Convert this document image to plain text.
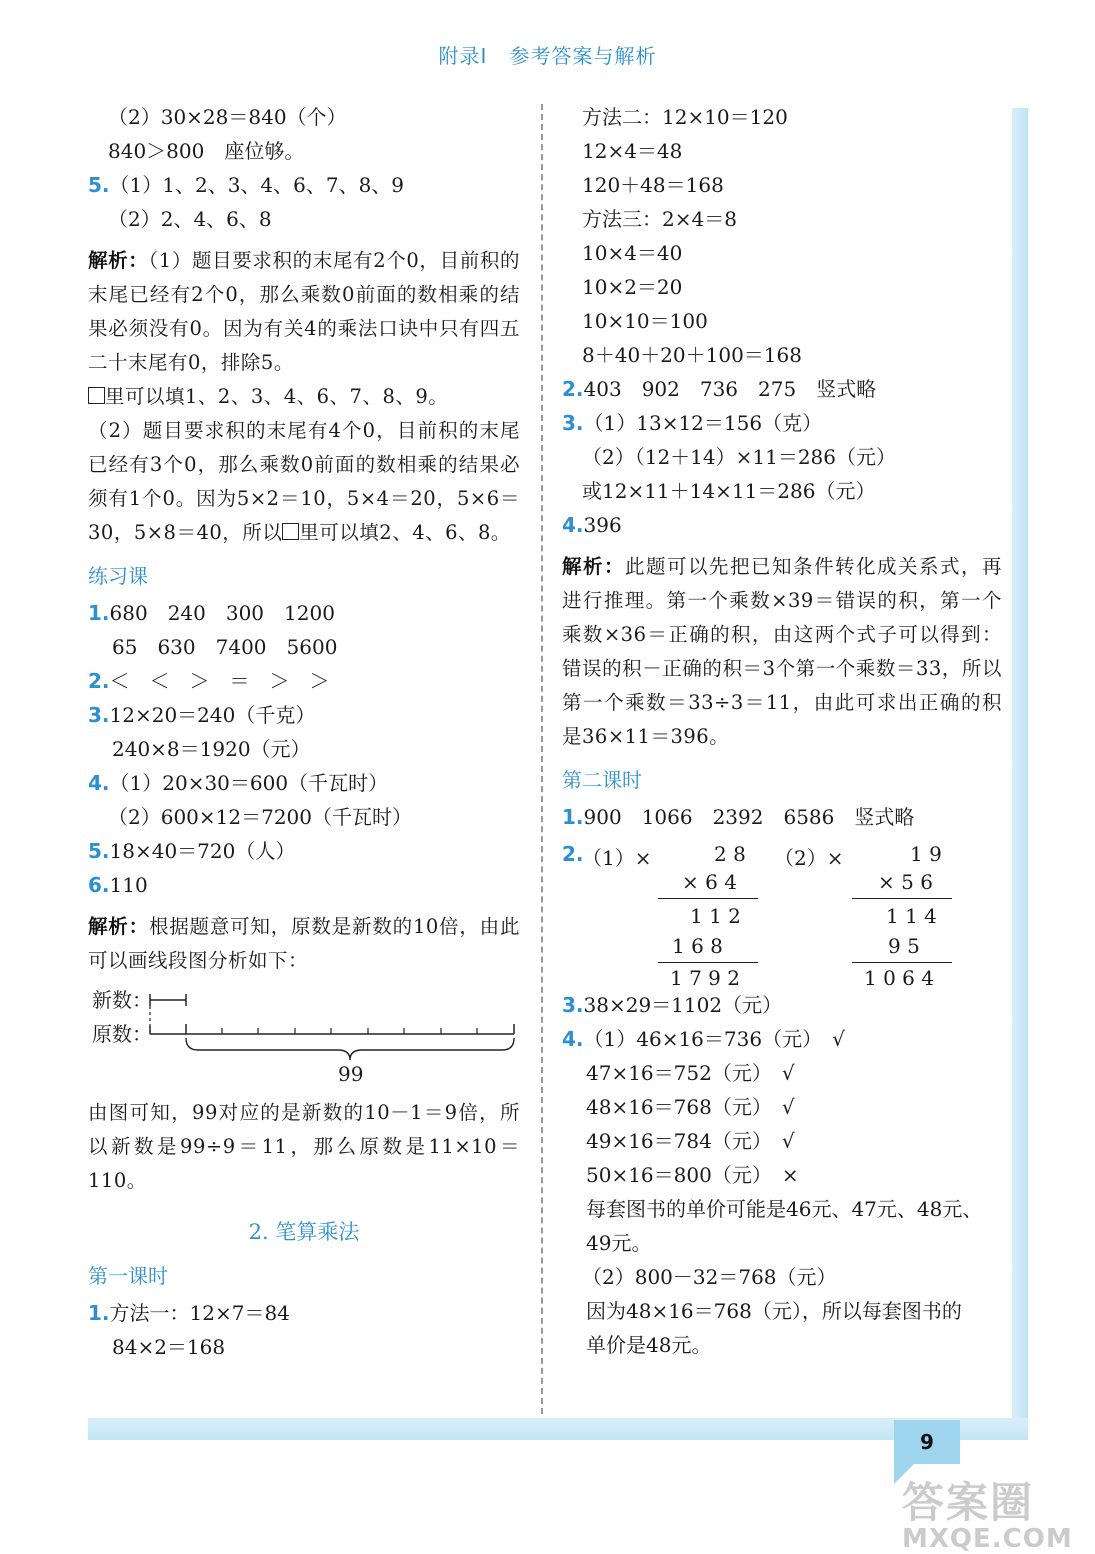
附录Ⅰ 参考答案与解析
9
（2）30×28＝840（个）
840＞800　座位够。
5.（1）1、2、3、4、6、7、8、9
（2）2、4、6、8
解析：（1）题目要求积的末尾有2个0，目前积的末尾已经有2个0，那么乘数0前面的数相乘的结果必须没有0。因为有关4的乘法口诀中只有四五二十末尾有0，排除5。
里可以填1、2、3、4、6、7、8、9。
（2）题目要求积的末尾有4个0，目前积的末尾已经有3个0，那么乘数0前面的数相乘的结果必须有1个0。因为5×2＝10，5×4＝20，5×6＝30，5×8＝40，所以 里可以填2、4、6、8。
练习课
1.680　240　300　1200
65　630　7400　5600
2.＜　＜　＞　＝　＞　＞
3.12×20＝240（千克）
240×8＝1920（元）
4.（1）20×30＝600（千瓦时）
（2）600×12＝7200（千瓦时）
5.18×40＝720（人）
6.110
解析：根据题意可知，原数是新数的10倍，由此可以画线段图分析如下：
新数：
原数：
99
由图可知，99对应的是新数的10－1＝9倍，所以新数是99÷9＝11，那么原数是11×10＝110。
2. 笔算乘法
第一课时
1.方法一：12×7＝84
84×2＝168
方法二：12×10＝120
12×4＝48
120＋48＝168
方法三：2×4＝8
10×4＝40
10×2＝20
10×10＝100
8＋40＋20＋100＝168
2.403　902　736　275　竖式略
3.（1）13×12＝156（克）
（2）（12＋14）×11＝286（元）
或12×11＋14×11＝286（元）
4.396
解析：此题可以先把已知条件转化成关系式，再进行推理。第一个乘数×39＝错误的积，第一个乘数×36＝正确的积，由这两个式子可以得到：错误的积－正确的积＝3个第一个乘数＝33，所以第一个乘数＝33÷3＝11，由此可求出正确的积是36×11＝396。
第二课时
1.900　1066　2392　6586　竖式略
2.
（1）×	（2）×
2 8
× 6 4
1 1 2
1 6 8
1 7 9 2
1 9
× 5 6
1 1 4
9 5
1 0 6 4
3.38×29＝1102（元）
4.（1）46×16＝736（元）　√
47×16＝752（元）　√
48×16＝768（元）　√
49×16＝784（元）　√
50×16＝800（元）　×
每套图书的单价可能是46元、47元、48元、
49元。
（2）800－32＝768（元）
因为48×16＝768（元），所以每套图书的
单价是48元。
答案圈
MXQE.COM
